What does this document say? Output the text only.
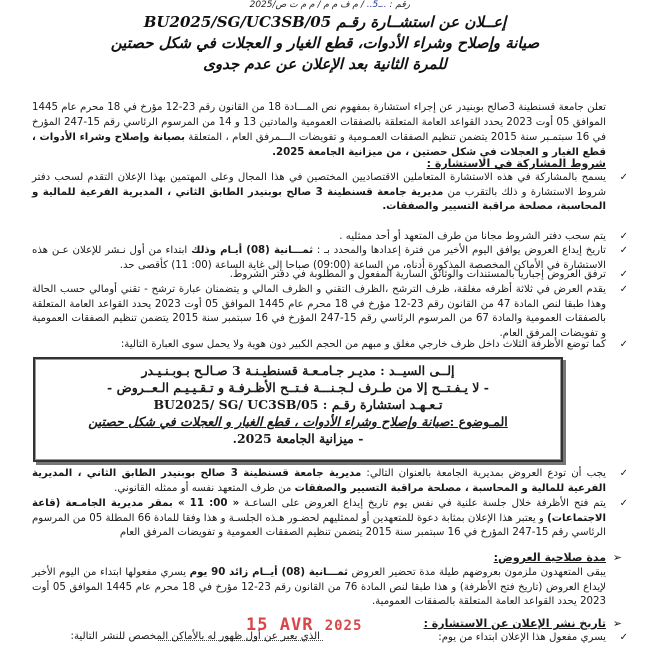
رقم : ..ـ5.. / م ف م م / م م ت ص/2025
إعــلان عن استشــارة رقـم BU2025/SG/UC3SB/05
صيانة وإصلاح وشراء الأدوات، قطع الغيار و العجلات في شكل حصتين
للمرة الثانية بعد الإعلان عن عدم جدوى
تعلن جامعة قسنطينة 3صالح بوبنيدر عن إجراء استشارة بمفهوم نص المـــادة 18 من القانون رقم 23-12 مؤرخ في 18 محرم عام 1445 الموافق 05 أوت 2023 يحدد القواعد العامة المتعلقة بالصفقات العمومية والمادتين 13 و 14 من المرسوم الرئاسي رقم 15-247 المؤرخ في 16 سبتمـبر سنة 2015 يتضمن تنظيم الصفقات العمـومية و تفويضات الـــمرفق العام ، المتعلقة بصيانة وإصلاح وشراء الأدوات ، قطع الغيار و العجلات في شكل حصتين ، من ميزانية الجامعة 2025.
شروط المشاركة في الاستشارة :
✓
يسمح بالمشاركة في هذه الاستشارة المتعاملين الاقتصاديين المختصين في هذا المجال وعلى المهتمين بهذا الإعلان التقدم لسحب دفتر شروط الاستشارة و ذلك بالتقرب من مديرية جامعة قسنطينة 3 صالح بوبنيدر الطابق الثاني ، المديرية الفرعية للمالية و المحاسبة، مصلحة مراقبة التسيير والصفقات.
✓
يتم سحب دفتر الشروط مجانا من طرف المتعهد أو أحد ممثليه .
✓
تاريخ إيداع العروض يوافق اليوم الأخير من فترة إعدادها والمحدد بـ : ثمـــانية (08) أيـام وذلك ابتداء من أول نـشر للإعلان عـن هذه الاستشارة في الأماكن المخصصة المذكورة أدناه، من الساعة (09:00) صباحا إلى غاية الساعة (00: 11) كأقصى حد.
✓
ترفق العروض إجباريا بالمستندات والوثائق السارية المفعول و المطلوبة في دفتر الشروط.
✓
يقدم العرض في ثلاثة أظرفه مغلقة، ظرف الترشح ،الظرف التقني و الظرف المالي و يتضمنان عبارة ترشح - تقني أومالي حسب الحالة وهذا طبقا لنص المادة 47 من القانون رقم 23-12 مؤرخ في 18 محرم عام 1445 الموافق 05 أوت 2023 يحدد القواعد العامة المتعلقة بالصفقات العمومية والمادة 67 من المرسوم الرئاسي رقم 15-247 المؤرخ في 16 سبتمبر سنة 2015 يتضمن تنظيم الصفقات العمومية و تفويضات المرفق العام.
✓
كما توضع الأظرفة الثلاث داخل ظرف خارجي مغلق و مبهم من الحجم الكبير دون هوية ولا يحمل سوى العبارة التالية:
إلــى السيــد : مديـر جـامـعـة قسنطيـنـة 3 صـالـح بـوبـنـيـدر
- لا يـفـتــح إلا من طـرف لـجـنـــة فـتــح الأظـرفـة و تـقـيـيـم الـعــروض -
تـعـهـد استشارة رقـم : BU2025/ SG/ UC3SB/05
المـوضوع :صيانة وإصلاح وشراء الأدوات ، قطع الغيار و العجلات في شكل حصتين
- ميزانية الجامعة 2025.
✓
يجب أن تودع العروض بمديرية الجامعة بالعنوان التالي: مديرية جامعة قسنطينة 3 صالح بوبنيدر الطابق الثاني ، المديرية الفرعية للمالية و المحاسبة ، مصلحة مراقبة التسيير والصفقات من طرف المتعهد نفسه أو ممثله القانوني.
✓
يتم فتح الأظرفة خلال جلسة علنية في نفس يوم تاريخ إيداع العروض على الساعـة « 00: 11 » بمقر مديرية الجامـعة (قاعة الاجتماعات) و يعتبر هذا الإعلان بمثابة دعوة للمتعهدين أو لممثليهم لحضـور هـذه الجلسـة و هذا وفقا للمادة 66 المطلة 05 من المرسوم الرئاسي رقم 15-247 المؤرخ في 16 سبتمبر سنة 2015 يتضمن تنظيم الصفقات العمومية و تفويضات المرفق العام
➢
مدة صلاحية العروض:
يبقى المتعهدون ملزمون بعروضهم طيلة مدة تحضير العروض ثمـــانية (08) أيــام زائد 90 يوم يسري مفعولها ابتداء من اليوم الأخير لإيداع العروض (تاريخ فتح الأظرفة) و هذا طبقا لنص المادة 76 من القانون رقم 23-12 مؤرخ في 18 محرم عام 1445 الموافق 05 أوت 2023 يحدد القواعد العامة المتعلقة بالصفقات العمومية.
➢
تاريخ نشر الإعلان عن الاستشارة :
15 AVR 2025
✓
يسري مفعول هذا الإعلان ابتداء من يوم:
الذي يعبر عن أول ظهور له بالأماكن المخصص للنشر التالية:
